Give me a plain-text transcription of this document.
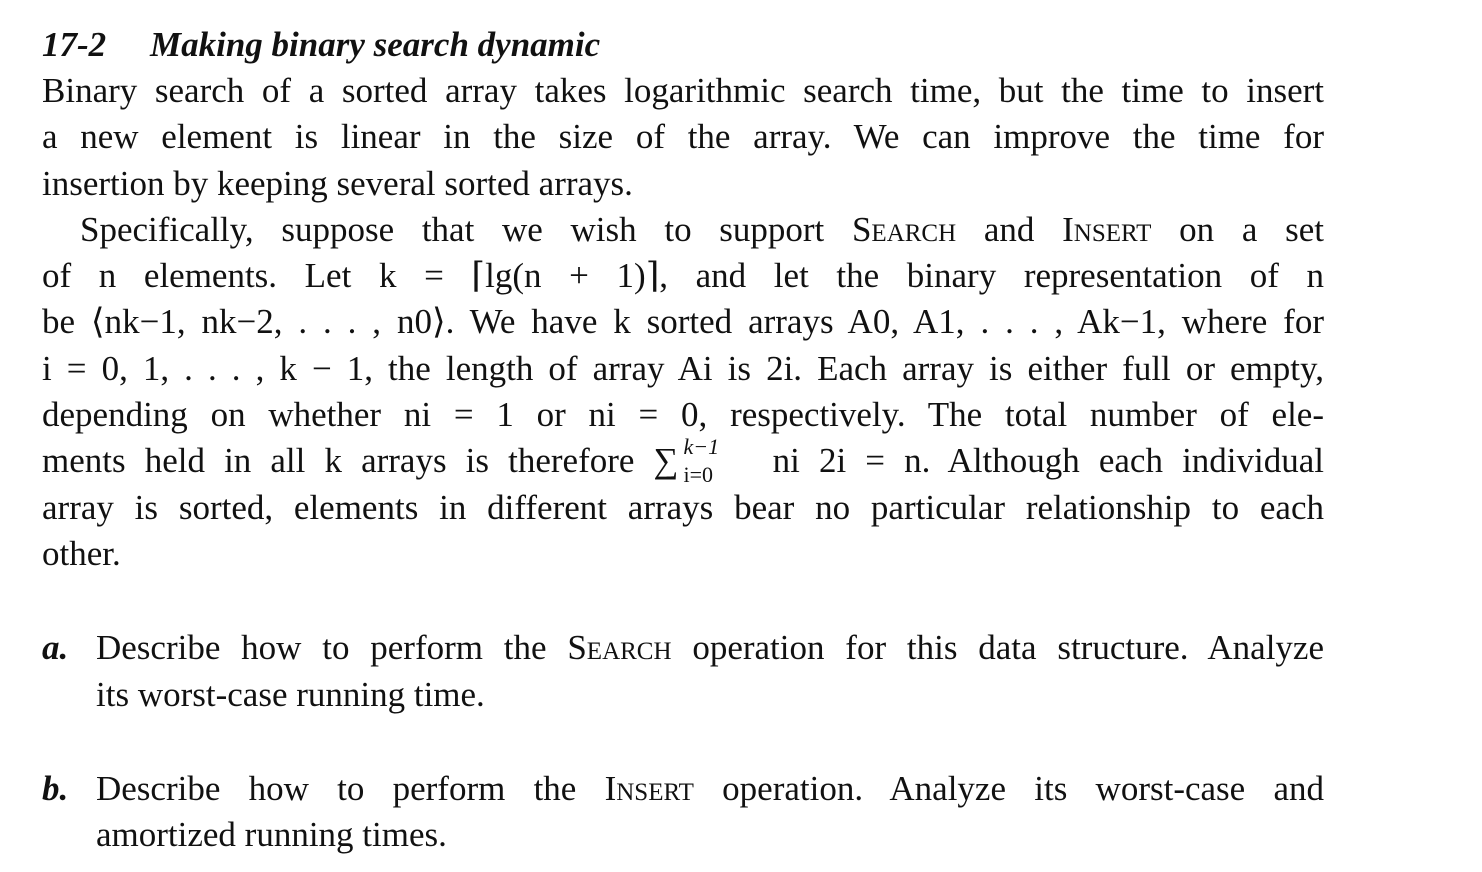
17-2 Making binary search dynamic
Binary search of a sorted array takes logarithmic search time, but the time to insert
a new element is linear in the size of the array. We can improve the time for
insertion by keeping several sorted arrays.
Specifically, suppose that we wish to support Search and Insert on a set
of n elements. Let k = ⌈lg(n + 1)⌉, and let the binary representation of n
be ⟨nk−1, nk−2, . . . , n0⟩. We have k sorted arrays A0, A1, . . . , Ak−1, where for
i = 0, 1, . . . , k − 1, the length of array Ai is 2i. Each array is either full or empty,
depending on whether ni = 1 or ni = 0, respectively. The total number of ele-
ments held in all k arrays is therefore ∑ k−1
i=0 ni 2i = n. Although each individual
array is sorted, elements in different arrays bear no particular relationship to each
other.
a. Describe how to perform the Search operation for this data structure. Analyze
its worst-case running time.
b. Describe how to perform the Insert operation. Analyze its worst-case and
amortized running times.
